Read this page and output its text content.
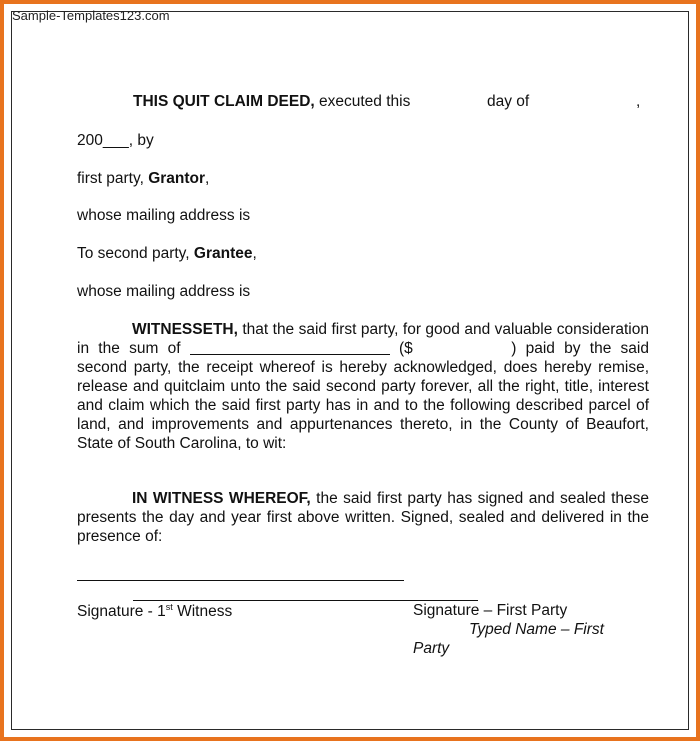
Sample-Templates123.com
THIS QUIT CLAIM DEED, executed this	day of	,
200___, by
first party, Grantor,
whose mailing address is
To second party, Grantee,
whose mailing address is
WITNESSETH, that the said first party, for good and valuable consideration in the sum of	($	) paid by the said second party, the receipt whereof is hereby acknowledged, does hereby remise, release and quitclaim unto the said second party forever, all the right, title, interest and claim which the said first party has in and to the following described parcel of land, and improvements and appurtenances thereto, in the County of Beaufort, State of South Carolina, to wit:
IN WITNESS WHEREOF, the said first party has signed and sealed these presents the day and year first above written. Signed, sealed and delivered in the presence of:
Signature - 1st Witness	Signature – First Party
Typed Name – First
Party
